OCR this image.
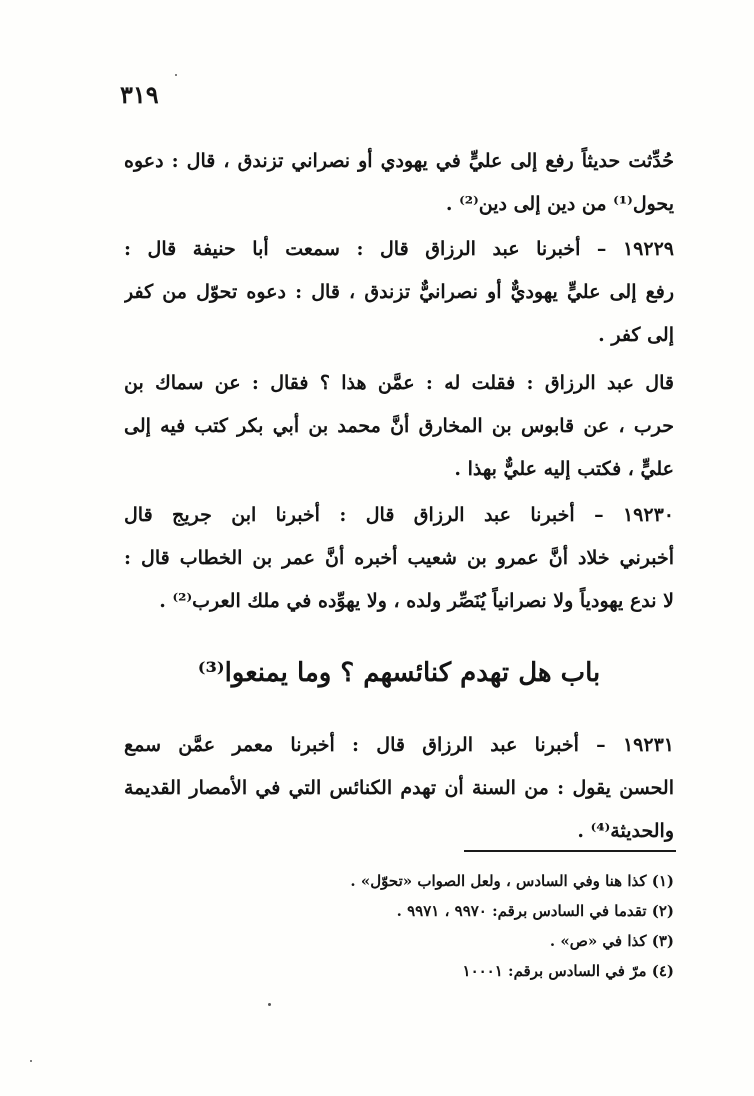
٣١٩
حُدِّثت حديثاً رفع إلى عليٍّ في يهودي أو نصراني تزندق ، قال : دعوه
يحول⁽¹⁾ من دين إلى دين⁽²⁾ .
١٩٢٢٩ – أخبرنا عبد الرزاق قال : سمعت أبا حنيفة قال :
رفع إلى عليٍّ يهوديٌّ أو نصرانيٌّ تزندق ، قال : دعوه تحوّل من كفر
إلى كفر .
قال عبد الرزاق : فقلت له : عمَّن هذا ؟ فقال : عن سماك بن
حرب ، عن قابوس بن المخارق أنَّ محمد بن أبي بكر كتب فيه إلى
عليٍّ ، فكتب إليه عليٌّ بهذا .
١٩٢٣٠ – أخبرنا عبد الرزاق قال : أخبرنا ابن جريج قال
أخبرني خلاد أنَّ عمرو بن شعيب أخبره أنَّ عمر بن الخطاب قال :
لا ندع يهودياً ولا نصرانياً يُنَصِّر ولده ، ولا يهوِّده في ملك العرب⁽²⁾ .
باب هل تهدم كنائسهم ؟ وما يمنعوا⁽³⁾
١٩٢٣١ – أخبرنا عبد الرزاق قال : أخبرنا معمر عمَّن سمع
الحسن يقول : من السنة أن تهدم الكنائس التي في الأمصار القديمة
والحديثة⁽⁴⁾ .
(١) كذا هنا وفي السادس ، ولعل الصواب «تحوّل» .
(٢) تقدما في السادس برقم: ٩٩٧٠ ، ٩٩٧١ .
(٣) كذا في «ص» .
(٤) مرّ في السادس برقم: ١٠٠٠١
